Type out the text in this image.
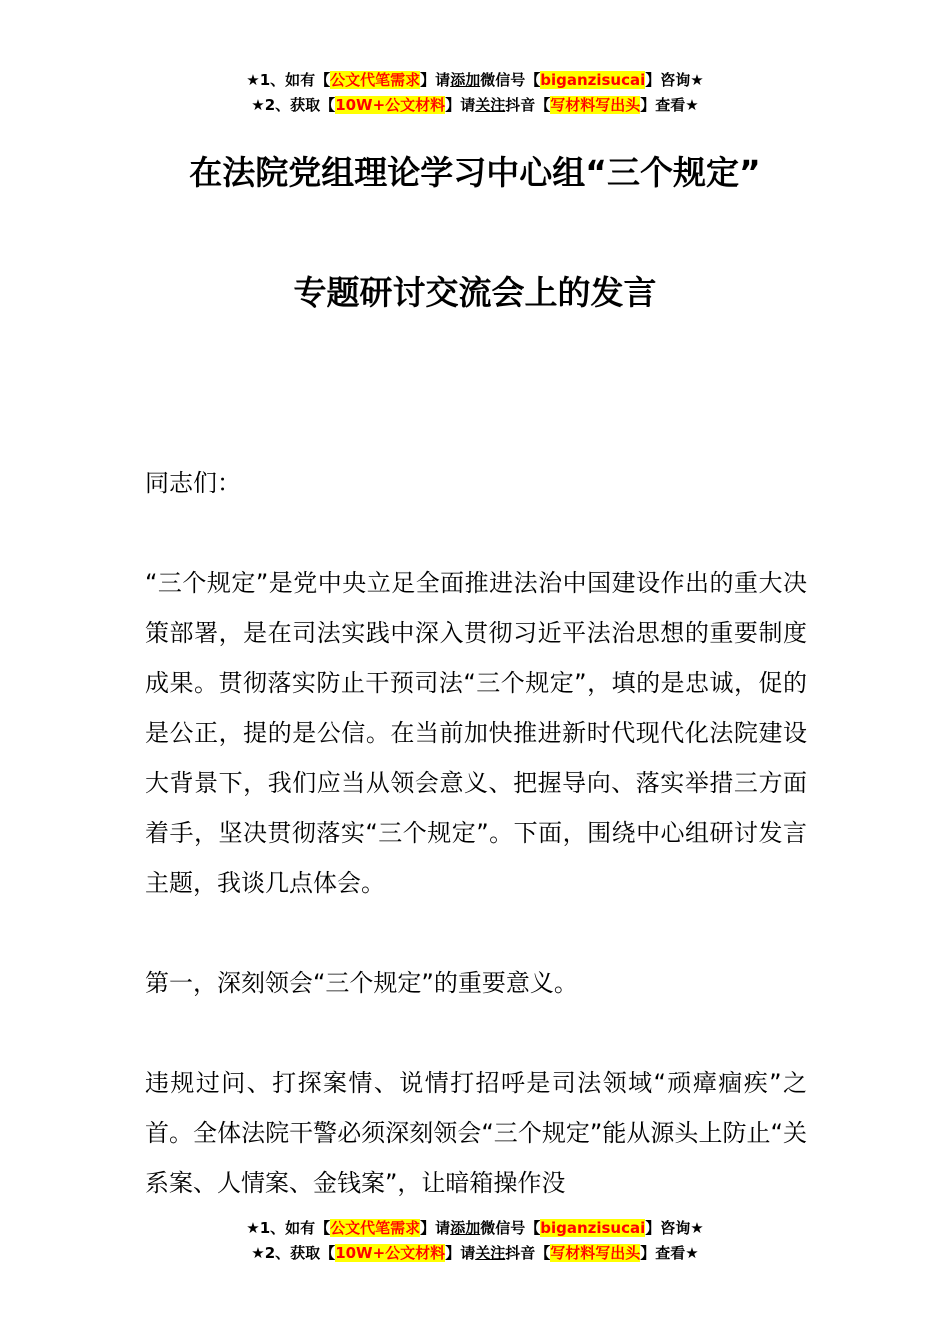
★1、如有【公文代笔需求】请添加微信号【biganzisucai】咨询★
★2、获取【10W+公文材料】请关注抖音【写材料写出头】查看★
在法院党组理论学习中心组“三个规定”
专题研讨交流会上的发言

同志们：

“三个规定”是党中央立足全面推进法治中国建设作出的重大决策部署，是在司法实践中深入贯彻习近平法治思想的重要制度成果。贯彻落实防止干预司法“三个规定”，填的是忠诚，促的是公正，提的是公信。在当前加快推进新时代现代化法院建设大背景下，我们应当从领会意义、把握导向、落实举措三方面着手，坚决贯彻落实“三个规定”。下面，围绕中心组研讨发言主题，我谈几点体会。

第一，深刻领会“三个规定”的重要意义。

违规过问、打探案情、说情打招呼是司法领域“顽瘴痼疾”之首。全体法院干警必须深刻领会“三个规定”能从源头上防止“关系案、人情案、金钱案”，让暗箱操作没

★1、如有【公文代笔需求】请添加微信号【biganzisucai】咨询★
★2、获取【10W+公文材料】请关注抖音【写材料写出头】查看★
